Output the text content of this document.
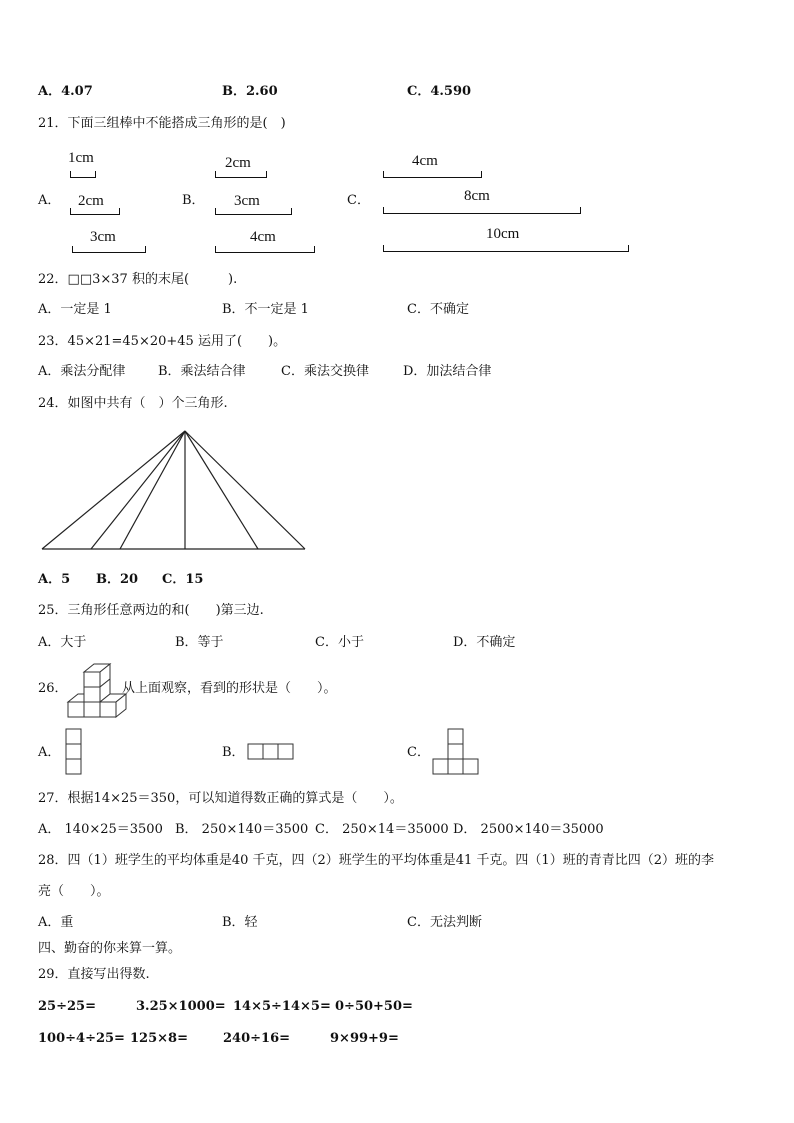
A．4.07	B．2.60	C．4.590
21．下面三组棒中不能搭成三角形的是(　)
A．	B．	C．
1cm
2cm
3cm
2cm
3cm
4cm
4cm
8cm
10cm
22．□□3×37 积的末尾(　　　).
A．一定是 1	B．不一定是 1	C．不确定
23．45×21=45×20+45 运用了(　　)。
A．乘法分配律	B．乘法结合律	C．乘法交换律	D．加法结合律
24．如图中共有（　）个三角形.
A．5 B．20 C．15
25．三角形任意两边的和(　　)第三边.
A．大于	B．等于	C．小于	D．不确定
26．	从上面观察，看到的形状是（　　）。
A．	B．	C．
27．根据14×25＝350，可以知道得数正确的算式是（　　）。
A． 140×25＝3500 B． 250×140＝3500 C． 250×14＝35000 D． 2500×140＝35000
28．四（1）班学生的平均体重是40 千克，四（2）班学生的平均体重是41 千克。四（1）班的青青比四（2）班的李
亮（　　）。
A．重	B．轻	C．无法判断
四、勤奋的你来算一算。
29．直接写出得数.
25÷25=	3.25×1000= 14×5÷14×5= 0÷50+50=
100÷4÷25= 125×8=	240÷16=	9×99+9=
